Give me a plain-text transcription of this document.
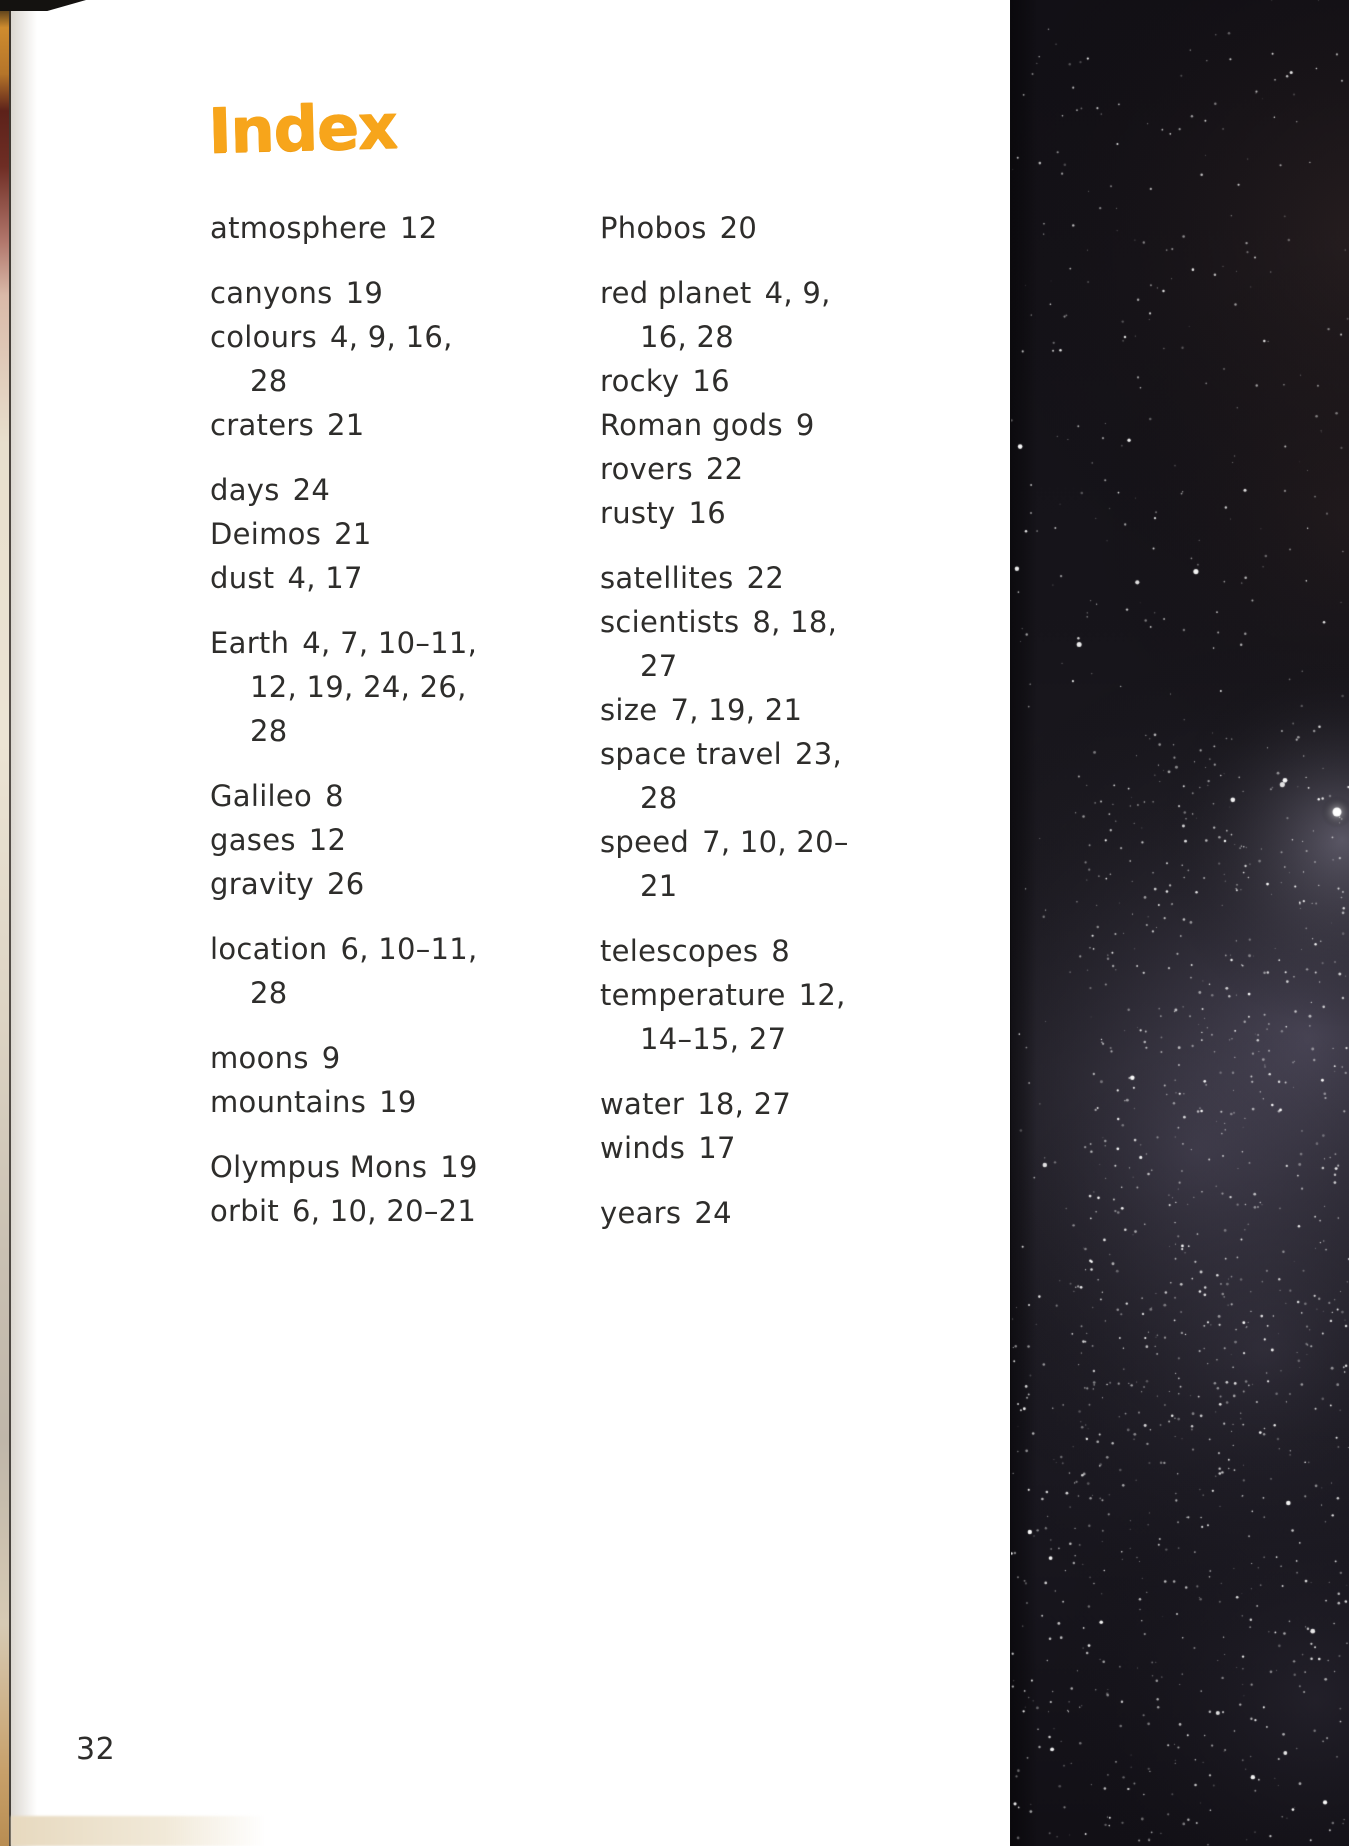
Index
atmosphere 12
canyons 19
colours 4, 9, 16,
28
craters 21
days 24
Deimos 21
dust 4, 17
Earth 4, 7, 10–11,
12, 19, 24, 26,
28
Galileo 8
gases 12
gravity 26
location 6, 10–11,
28
moons 9
mountains 19
Olympus Mons 19
orbit 6, 10, 20–21
Phobos 20
red planet 4, 9,
16, 28
rocky 16
Roman gods 9
rovers 22
rusty 16
satellites 22
scientists 8, 18,
27
size 7, 19, 21
space travel 23,
28
speed 7, 10, 20–
21
telescopes 8
temperature 12,
14–15, 27
water 18, 27
winds 17
years 24
32
